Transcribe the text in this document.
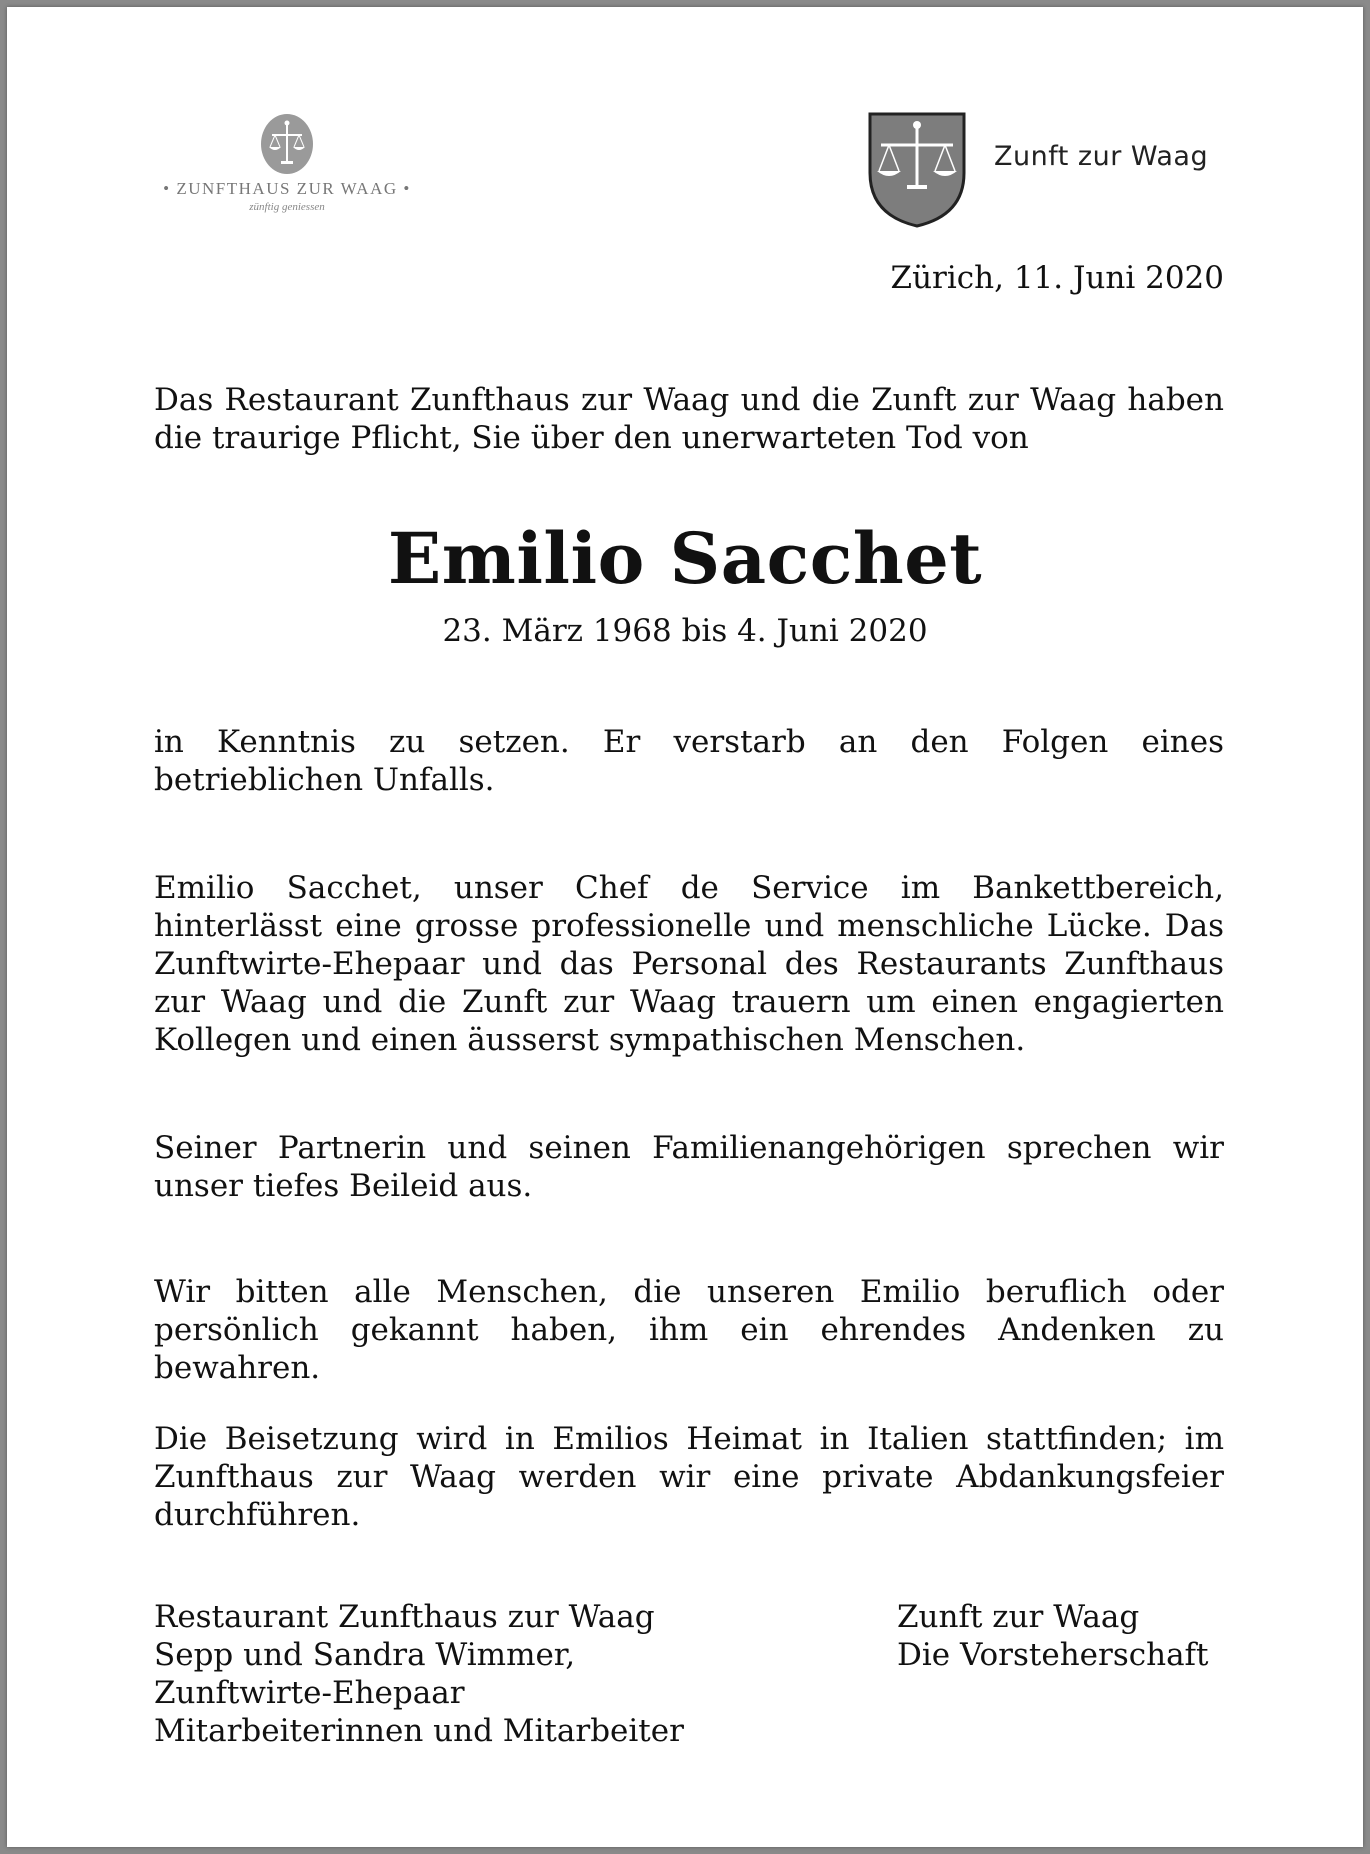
• ZUNFTHAUS ZUR WAAG •
zünftig geniessen
Zunft zur Waag
Zürich, 11. Juni 2020
Das Restaurant Zunfthaus zur Waag und die Zunft zur Waag haben die traurige Pflicht, Sie über den unerwarteten Tod von
Emilio Sacchet
23. März 1968 bis 4. Juni 2020
in Kenntnis zu setzen. Er verstarb an den Folgen eines betrieblichen Unfalls.
Emilio Sacchet, unser Chef de Service im Bankettbereich, hinterlässt eine grosse professionelle und menschliche Lücke. Das Zunftwirte-Ehepaar und das Personal des Restaurants Zunfthaus zur Waag und die Zunft zur Waag trauern um einen engagierten Kollegen und einen äusserst sympathischen Menschen.
Seiner Partnerin und seinen Familienangehörigen sprechen wir unser tiefes Beileid aus.
Wir bitten alle Menschen, die unseren Emilio beruflich oder persönlich gekannt haben, ihm ein ehrendes Andenken zu bewahren.
Die Beisetzung wird in Emilios Heimat in Italien stattfinden; im Zunfthaus zur Waag werden wir eine private Abdankungsfeier durchführen.
Restaurant Zunfthaus zur Waag
Sepp und Sandra Wimmer,
Zunftwirte-Ehepaar
Mitarbeiterinnen und Mitarbeiter
Zunft zur Waag
Die Vorsteherschaft
